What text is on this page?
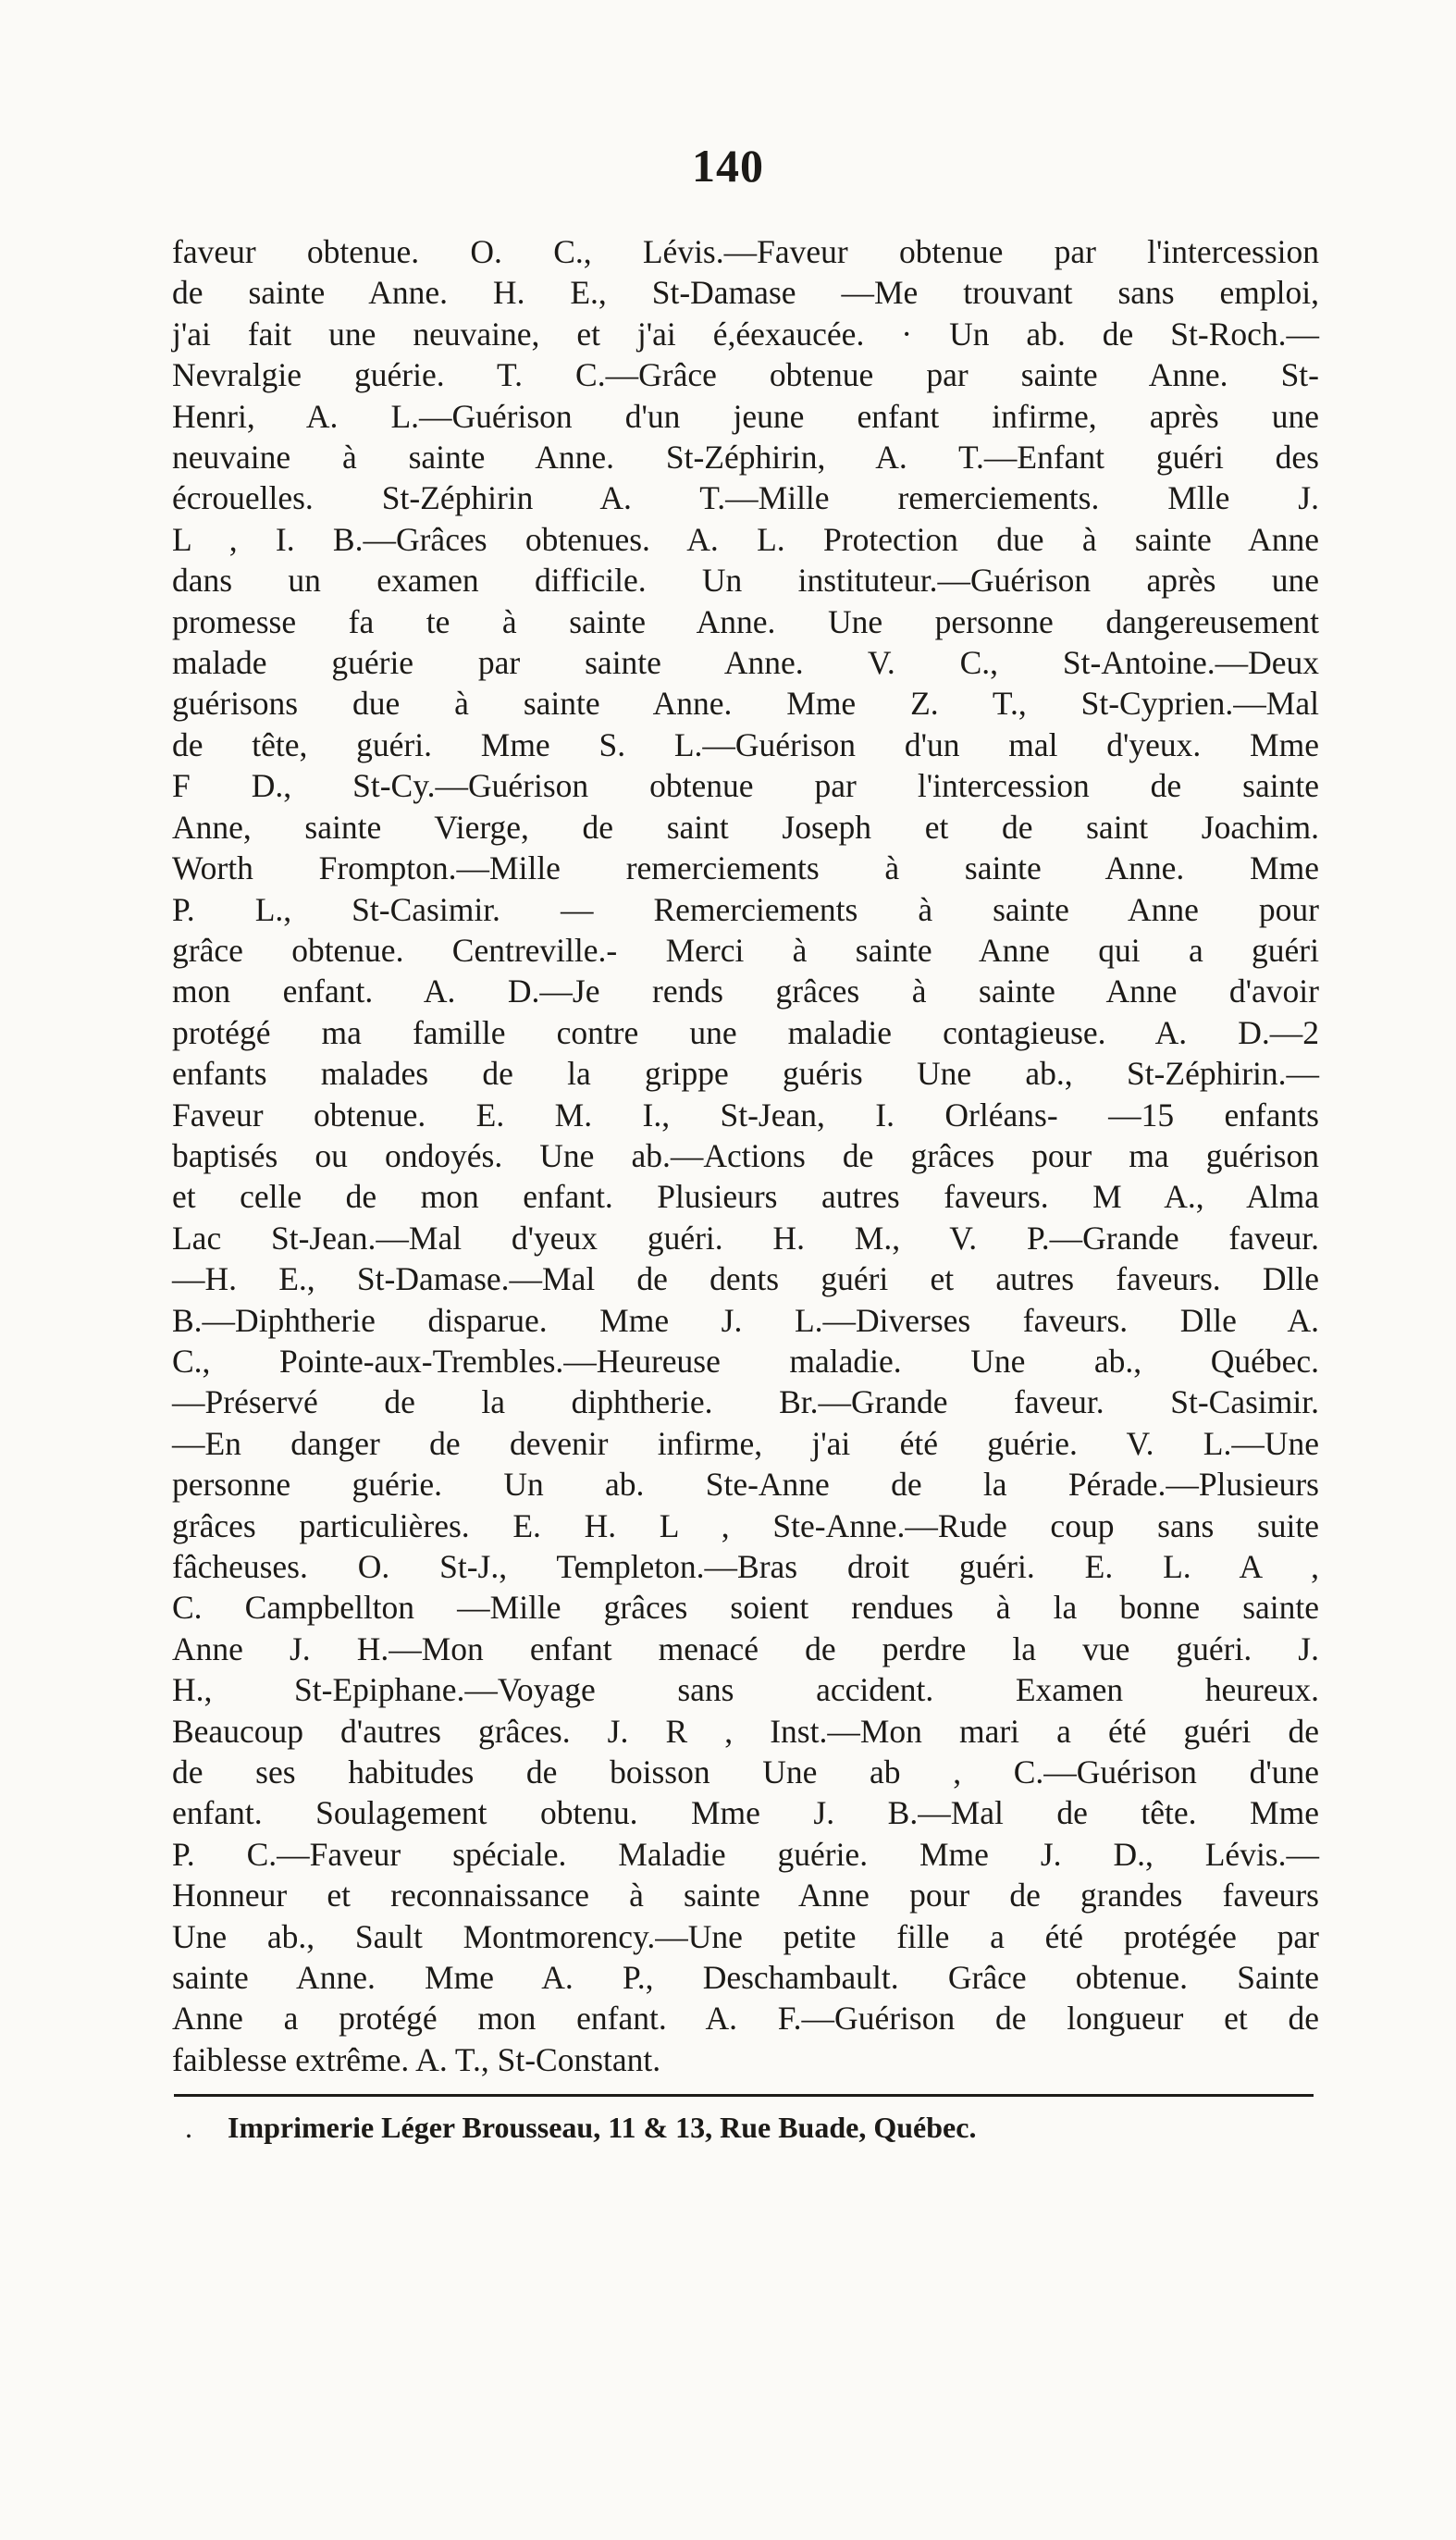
140
faveur obtenue. O. C., Lévis.—Faveur obtenue par l'intercession
de sainte Anne. H. E., St-Damase —Me trouvant sans emploi,
j'ai fait une neuvaine, et j'ai é,éexaucée. · Un ab. de St-Roch.—
Nevralgie guérie. T. C.—Grâce obtenue par sainte Anne. St-
Henri, A. L.—Guérison d'un jeune enfant infirme, après une
neuvaine à sainte Anne. St-Zéphirin, A. T.—Enfant guéri des
écrouelles. St-Zéphirin A. T.—Mille remerciements. Mlle J.
L , I. B.—Grâces obtenues. A. L. Protection due à sainte Anne
dans un examen difficile. Un instituteur.—Guérison après une
promesse fa te à sainte Anne. Une personne dangereusement
malade guérie par sainte Anne. V. C., St-Antoine.—Deux
guérisons due à sainte Anne. Mme Z. T., St-Cyprien.—Mal
de tête, guéri. Mme S. L.—Guérison d'un mal d'yeux. Mme
F D., St-Cy.—Guérison obtenue par l'intercession de sainte
Anne, sainte Vierge, de saint Joseph et de saint Joachim.
Worth Frompton.—Mille remerciements à sainte Anne. Mme
P. L., St-Casimir. — Remerciements à sainte Anne pour
grâce obtenue. Centreville.- Merci à sainte Anne qui a guéri
mon enfant. A. D.—Je rends grâces à sainte Anne d'avoir
protégé ma famille contre une maladie contagieuse. A. D.—2
enfants malades de la grippe guéris Une ab., St-Zéphirin.—
Faveur obtenue. E. M. I., St-Jean, I. Orléans- —15 enfants
baptisés ou ondoyés. Une ab.—Actions de grâces pour ma guérison
et celle de mon enfant. Plusieurs autres faveurs. M A., Alma
Lac St-Jean.—Mal d'yeux guéri. H. M., V. P.—Grande faveur.
—H. E., St-Damase.—Mal de dents guéri et autres faveurs. Dlle
B.—Diphtherie disparue. Mme J. L.—Diverses faveurs. Dlle A.
C., Pointe-aux-Trembles.—Heureuse maladie. Une ab., Québec.
—Préservé de la diphtherie. Br.—Grande faveur. St-Casimir.
—En danger de devenir infirme, j'ai été guérie. V. L.—Une
personne guérie. Un ab. Ste-Anne de la Pérade.—Plusieurs
grâces particulières. E. H. L , Ste-Anne.—Rude coup sans suite
fâcheuses. O. St-J., Templeton.—Bras droit guéri. E. L. A ,
C. Campbellton —Mille grâces soient rendues à la bonne sainte
Anne J. H.—Mon enfant menacé de perdre la vue guéri. J.
H., St-Epiphane.—Voyage sans accident. Examen heureux.
Beaucoup d'autres grâces. J. R , Inst.—Mon mari a été guéri de
de ses habitudes de boisson Une ab , C.—Guérison d'une
enfant. Soulagement obtenu. Mme J. B.—Mal de tête. Mme
P. C.—Faveur spéciale. Maladie guérie. Mme J. D., Lévis.—
Honneur et reconnaissance à sainte Anne pour de grandes faveurs
Une ab., Sault Montmorency.—Une petite fille a été protégée par
sainte Anne. Mme A. P., Deschambault. Grâce obtenue. Sainte
Anne a protégé mon enfant. A. F.—Guérison de longueur et de
faiblesse extrême. A. T., St-Constant.
. Imprimerie Léger Brousseau, 11 & 13, Rue Buade, Québec.
